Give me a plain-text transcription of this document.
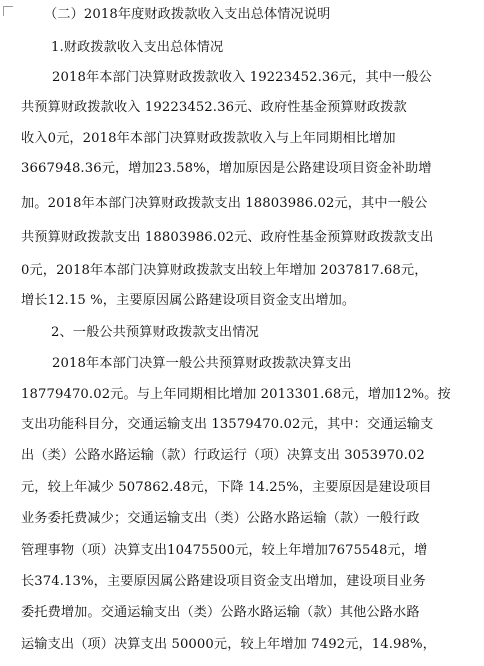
（二）2018年度财政拨款收入支出总体情况说明
1.财政拨款收入支出总体情况
2018年本部门决算财政拨款收入 19223452.36元，其中一般公
共预算财政拨款收入 19223452.36元、政府性基金预算财政拨款
收入0元，2018年本部门决算财政拨款收入与上年同期相比增加
3667948.36元，增加23.58%，增加原因是公路建设项目资金补助增
加。2018年本部门决算财政拨款支出 18803986.02元，其中一般公
共预算财政拨款支出 18803986.02元、政府性基金预算财政拨款支出
0元，2018年本部门决算财政拨款支出较上年增加 2037817.68元，
增长12.15 %，主要原因属公路建设项目资金支出增加。
2、一般公共预算财政拨款支出情况
2018年本部门决算一般公共预算财政拨款决算支出
18779470.02元。与上年同期相比增加 2013301.68元，增加12%。按
支出功能科目分，交通运输支出 13579470.02元，其中：交通运输支
出（类）公路水路运输（款）行政运行（项）决算支出 3053970.02
元，较上年减少 507862.48元，下降 14.25%，主要原因是建设项目
业务委托费减少；交通运输支出（类）公路水路运输（款）一般行政
管理事物（项）决算支出10475500元，较上年增加7675548元，增
长374.13%，主要原因属公路建设项目资金支出增加，建设项目业务
委托费增加。交通运输支出（类）公路水路运输（款）其他公路水路
运输支出（项）决算支出 50000元，较上年增加 7492元，14.98%，
